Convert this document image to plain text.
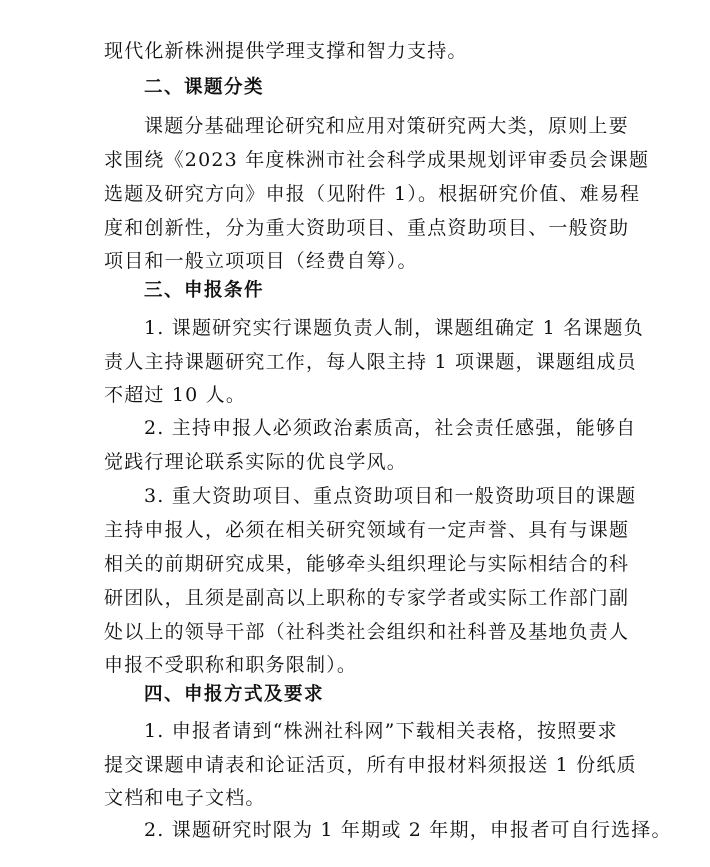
现代化新株洲提供学理支撑和智力支持。
二、课题分类
课题分基础理论研究和应用对策研究两大类，原则上要
求围绕《2023 年度株洲市社会科学成果规划评审委员会课题
选题及研究方向》申报（见附件 1）。根据研究价值、难易程
度和创新性，分为重大资助项目、重点资助项目、一般资助
项目和一般立项项目（经费自筹）。
三、申报条件
1. 课题研究实行课题负责人制，课题组确定 1 名课题负
责人主持课题研究工作，每人限主持 1 项课题，课题组成员
不超过 10 人。
2. 主持申报人必须政治素质高，社会责任感强，能够自
觉践行理论联系实际的优良学风。
3. 重大资助项目、重点资助项目和一般资助项目的课题
主持申报人，必须在相关研究领域有一定声誉、具有与课题
相关的前期研究成果，能够牵头组织理论与实际相结合的科
研团队，且须是副高以上职称的专家学者或实际工作部门副
处以上的领导干部（社科类社会组织和社科普及基地负责人
申报不受职称和职务限制）。
四、申报方式及要求
1. 申报者请到“株洲社科网”下载相关表格，按照要求
提交课题申请表和论证活页，所有申报材料须报送 1 份纸质
文档和电子文档。
2. 课题研究时限为 1 年期或 2 年期，申报者可自行选择。
